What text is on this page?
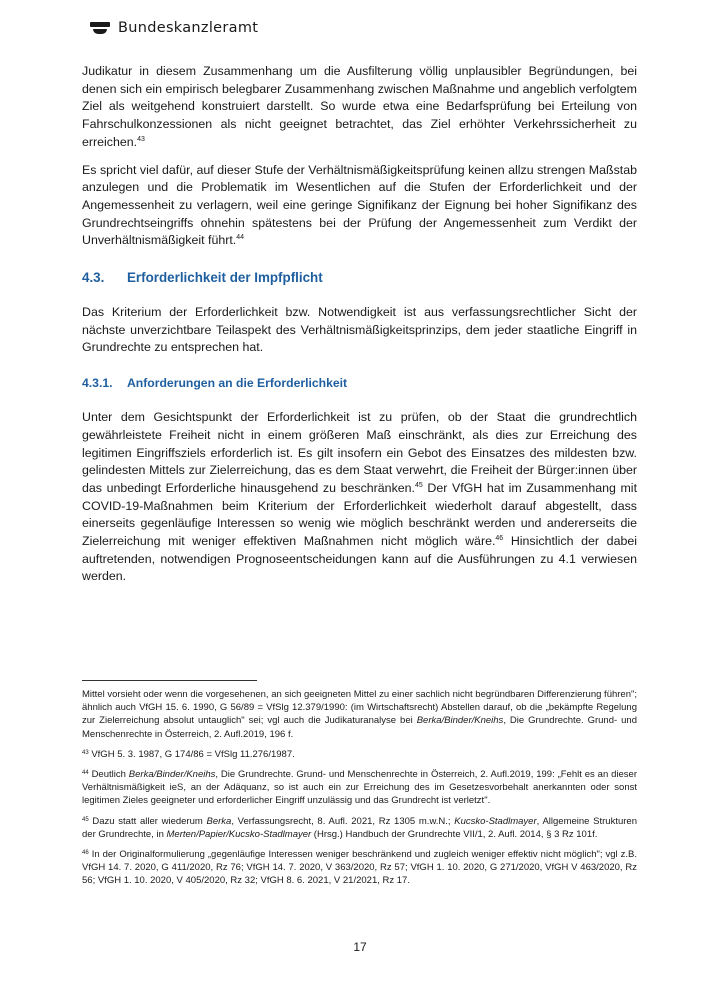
Bundeskanzleramt

Judikatur in diesem Zusammenhang um die Ausfilterung völlig unplausibler Begründungen, bei denen sich ein empirisch belegbarer Zusammenhang zwischen Maßnahme und angeblich verfolgtem Ziel als weitgehend konstruiert darstellt. So wurde etwa eine Bedarfsprüfung bei Erteilung von Fahrschulkonzessionen als nicht geeignet betrachtet, das Ziel erhöhter Verkehrssicherheit zu erreichen.$^{43}$

Es spricht viel dafür, auf dieser Stufe der Verhältnismäßigkeitsprüfung keinen allzu strengen Maßstab anzulegen und die Problematik im Wesentlichen auf die Stufen der Erforderlichkeit und der Angemessenheit zu verlagern, weil eine geringe Signifikanz der Eignung bei hoher Signifikanz des Grundrechtseingriffs ohnehin spätestens bei der Prüfung der Angemessenheit zum Verdikt der Unverhältnismäßigkeit führt.$^{44}$

4.3.	Erforderlichkeit der Impfpflicht

Das Kriterium der Erforderlichkeit bzw. Notwendigkeit ist aus verfassungsrechtlicher Sicht der nächste unverzichtbare Teilaspekt des Verhältnismäßigkeitsprinzips, dem jeder staatliche Eingriff in Grundrechte zu entsprechen hat.

4.3.1.	Anforderungen an die Erforderlichkeit

Unter dem Gesichtspunkt der Erforderlichkeit ist zu prüfen, ob der Staat die grundrechtlich gewährleistete Freiheit nicht in einem größeren Maß einschränkt, als dies zur Erreichung des legitimen Eingriffsziels erforderlich ist. Es gilt insofern ein Gebot des Einsatzes des mildesten bzw. gelindesten Mittels zur Zielerreichung, das es dem Staat verwehrt, die Freiheit der Bürger:innen über das unbedingt Erforderliche hinausgehend zu beschränken.$^{45}$ Der VfGH hat im Zusammenhang mit COVID-19-Maßnahmen beim Kriterium der Erforderlichkeit wiederholt darauf abgestellt, dass einerseits gegenläufige Interessen so wenig wie möglich beschränkt werden und andererseits die Zielerreichung mit weniger effektiven Maßnahmen nicht möglich wäre.$^{46}$ Hinsichtlich der dabei auftretenden, notwendigen Prognoseentscheidungen kann auf die Ausführungen zu 4.1 verwiesen werden.

Mittel vorsieht oder wenn die vorgesehenen, an sich geeigneten Mittel zu einer sachlich nicht begründbaren Differenzierung führen"; ähnlich auch VfGH 15. 6. 1990, G 56/89 = VfSlg 12.379/1990: (im Wirtschaftsrecht) Abstellen darauf, ob die „bekämpfte Regelung zur Zielerreichung absolut untauglich" sei; vgl auch die Judikaturanalyse bei Berka/Binder/Kneihs, Die Grundrechte. Grund- und Menschenrechte in Österreich, 2. Aufl.2019, 196 f.

$^{43}$ VfGH 5. 3. 1987, G 174/86 = VfSlg 11.276/1987.

$^{44}$ Deutlich Berka/Binder/Kneihs, Die Grundrechte. Grund- und Menschenrechte in Österreich, 2. Aufl.2019, 199: „Fehlt es an dieser Verhältnismäßigkeit ieS, an der Adäquanz, so ist auch ein zur Erreichung des im Gesetzesvorbehalt anerkannten oder sonst legitimen Zieles geeigneter und erforderlicher Eingriff unzulässig und das Grundrecht ist verletzt".

$^{45}$ Dazu statt aller wiederum Berka, Verfassungsrecht, 8. Aufl. 2021, Rz 1305 m.w.N.; Kucsko-Stadlmayer, Allgemeine Strukturen der Grundrechte, in Merten/Papier/Kucsko-Stadlmayer (Hrsg.) Handbuch der Grundrechte VII/1, 2. Aufl. 2014, § 3 Rz 101f.

$^{46}$ In der Originalformulierung „gegenläufige Interessen weniger beschränkend und zugleich weniger effektiv nicht möglich"; vgl z.B. VfGH 14. 7. 2020, G 411/2020, Rz 76; VfGH 14. 7. 2020, V 363/2020, Rz 57; VfGH 1. 10. 2020, G 271/2020, VfGH V 463/2020, Rz 56; VfGH 1. 10. 2020, V 405/2020, Rz 32; VfGH 8. 6. 2021, V 21/2021, Rz 17.

17
